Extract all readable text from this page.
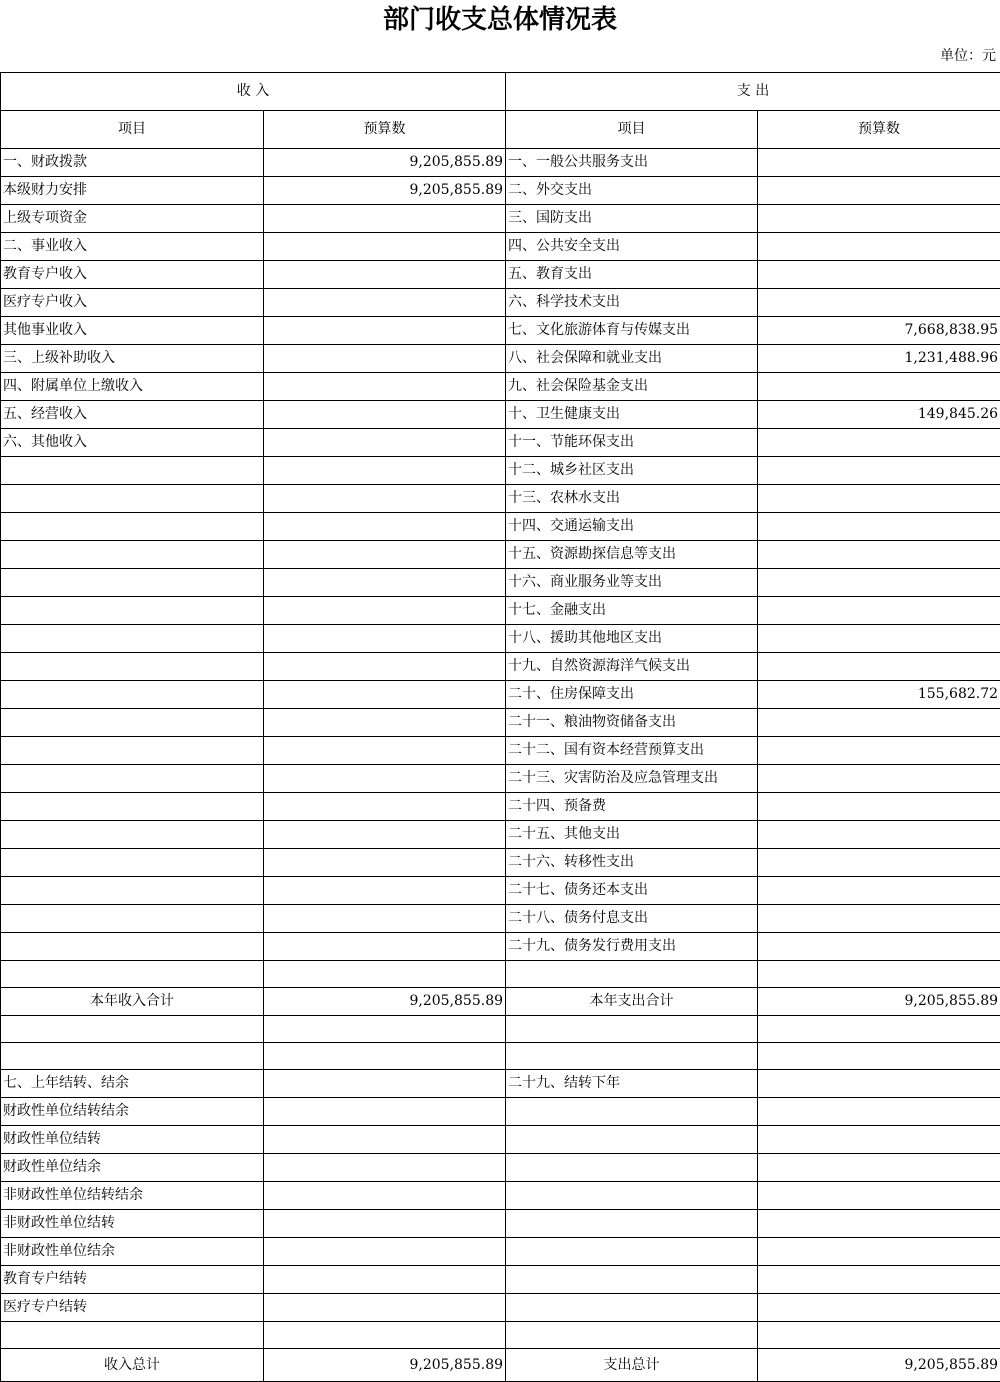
部门收支总体情况表
单位：元
收 入		支 出	
项目	预算数	项目	预算数
一、财政拨款	9,205,855.89	一、一般公共服务支出	
本级财力安排	9,205,855.89	二、外交支出	
上级专项资金		三、国防支出	
二、事业收入		四、公共安全支出	
教育专户收入		五、教育支出	
医疗专户收入		六、科学技术支出	
其他事业收入		七、文化旅游体育与传媒支出	7,668,838.95
三、上级补助收入		八、社会保障和就业支出	1,231,488.96
四、附属单位上缴收入		九、社会保险基金支出	
五、经营收入		十、卫生健康支出	149,845.26
六、其他收入		十一、节能环保支出	
		十二、城乡社区支出	
		十三、农林水支出	
		十四、交通运输支出	
		十五、资源勘探信息等支出	
		十六、商业服务业等支出	
		十七、金融支出	
		十八、援助其他地区支出	
		十九、自然资源海洋气候支出	
		二十、住房保障支出	155,682.72
		二十一、粮油物资储备支出	
		二十二、国有资本经营预算支出	
		二十三、灾害防治及应急管理支出	
		二十四、预备费	
		二十五、其他支出	
		二十六、转移性支出	
		二十七、债务还本支出	
		二十八、债务付息支出	
		二十九、债务发行费用支出	

本年收入合计	9,205,855.89	本年支出合计	9,205,855.89

七、上年结转、结余		二十九、结转下年	
财政性单位结转结余			
财政性单位结转			
财政性单位结余			
非财政性单位结转结余			
非财政性单位结转			
非财政性单位结余			
教育专户结转			
医疗专户结转			

收入总计	9,205,855.89	支出总计	9,205,855.89
